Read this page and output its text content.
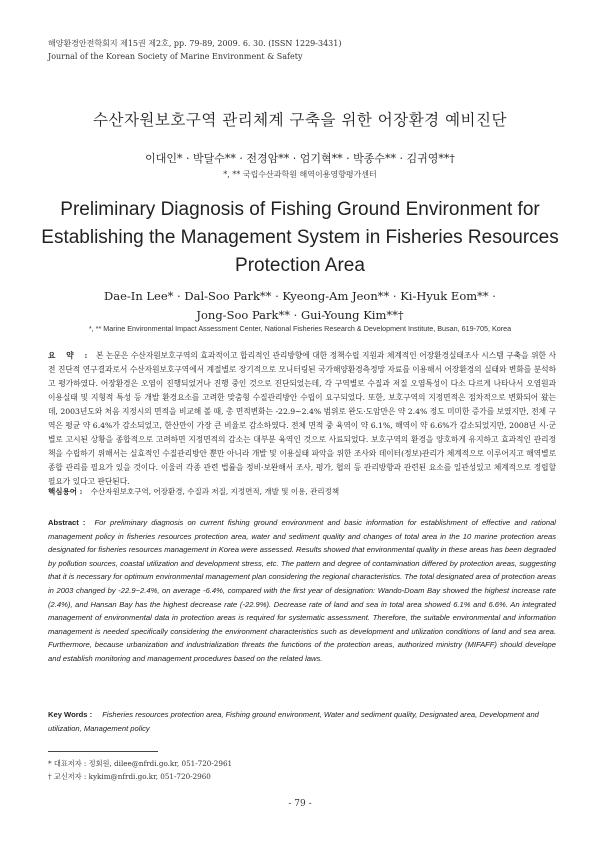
해양환경안전학회지 제15권 제2호, pp. 79-89, 2009. 6. 30. (ISSN 1229-3431)
Journal of the Korean Society of Marine Environment & Safety
수산자원보호구역 관리체계 구축을 위한 어장환경 예비진단
이대인* · 박달수** · 전경암** · 엄기혁** · 박종수** · 김귀영**†
*, ** 국립수산과학원 해역이용영향평가센터
Preliminary Diagnosis of Fishing Ground Environment for Establishing the Management System in Fisheries Resources Protection Area
Dae-In Lee* · Dal-Soo Park** · Kyeong-Am Jeon** · Ki-Hyuk Eom** ·
Jong-Soo Park** · Gui-Young Kim**†
*, ** Marine Environmental Impact Assessment Center, National Fisheries Research & Development Institute, Busan, 619-705, Korea
요 약 : 본 논문은 수산자원보호구역의 효과적이고 합리적인 관리방향에 대한 정책수립 지원과 체계적인 어장환경실태조사 시스템 구축을 위한 사전 진단적 연구결과로서 수산자원보호구역에서 계절별로 장기적으로 모니터링된 국가해양환경측정망 자료를 이용해서 어장환경의 실태와 변화를 분석하고 평가하였다. 어장환경은 오염이 진행되었거나 진행 중인 것으로 진단되었는데, 각 구역별로 수질과 저질 오염특성이 다소 다르게 나타나서 오염원과 이용실태 및 지형적 특성 등 개발 환경요소를 고려한 맞춤형 수질관리방안 수립이 요구되었다. 또한, 보호구역의 지정면적은 점차적으로 변화되어 왔는데, 2003년도와 처음 지정시의 면적을 비교해 볼 때, 총 면적변화는 -22.9~2.4% 범위로 완도·도암만은 약 2.4% 정도 미미한 증가를 보였지만, 전체 구역은 평균 약 6.4%가 감소되었고, 한산만이 가장 큰 비율로 감소하였다. 전체 면적 중 육역이 약 6.1%, 해역이 약 6.6%가 감소되었지만, 2008년 시·군별로 고시된 상황을 종합적으로 고려하면 지정면적의 감소는 대부분 육역인 것으로 사료되었다. 보호구역의 환경을 양호하게 유지하고 효과적인 관리정책을 수립하기 위해서는 실효적인 수질관리방안 뿐만 아니라 개발 및 이용실태 파악을 위한 조사와 데이터(정보)관리가 체계적으로 이루어지고 해역별로 종합 관리를 필요가 있을 것이다. 이울러 각종 관련 법률을 정비·보완해서 조사, 평가, 협의 등 관리방향과 관련된 요소를 일관성있고 체계적으로 정립할 필요가 있다고 판단된다.
핵심용어 : 수산자원보호구역, 어장환경, 수질과 저질, 지정면적, 개발 및 이용, 관리정책
Abstract : For preliminary diagnosis on current fishing ground environment and basic information for establishment of effective and rational management policy in fisheries resources protection area, water and sediment quality and changes of total area in the 10 marine protection areas designated for fisheries resources management in Korea were assessed. Results showed that environmental quality in these areas has been degraded by pollution sources, coastal utilization and development stress, etc. The pattern and degree of contamination differed by protection areas, suggesting that it is necessary for optimum environmental management plan considering the regional characteristics. The total designated area of protection areas in 2003 changed by -22.9~2.4%, on average -6.4%, compared with the first year of designation: Wando-Doam Bay showed the highest increase rate (2.4%), and Hansan Bay has the highest decrease rate (-22.9%). Decrease rate of land and sea in total area showed 6.1% and 6.6%. An integrated management of environmental data in protection areas is required for systematic assessment. Therefore, the suitable environmental and information management is needed specifically considering the environment characteristics such as development and utilization conditions of land and sea area. Furthermore, because urbanization and industrialization threats the functions of the protection areas, authorized ministry (MIFAFF) should develope and establish monitoring and management procedures based on the related laws.
Key Words : Fisheries resources protection area, Fishing ground environment, Water and sediment quality, Designated area, Development and utilization, Management policy
* 대표저자 : 정회원, dilee@nfrdi.go.kr, 051-720-2961
† 교신저자 : kykim@nfrdi.go.kr, 051-720-2960
- 79 -
